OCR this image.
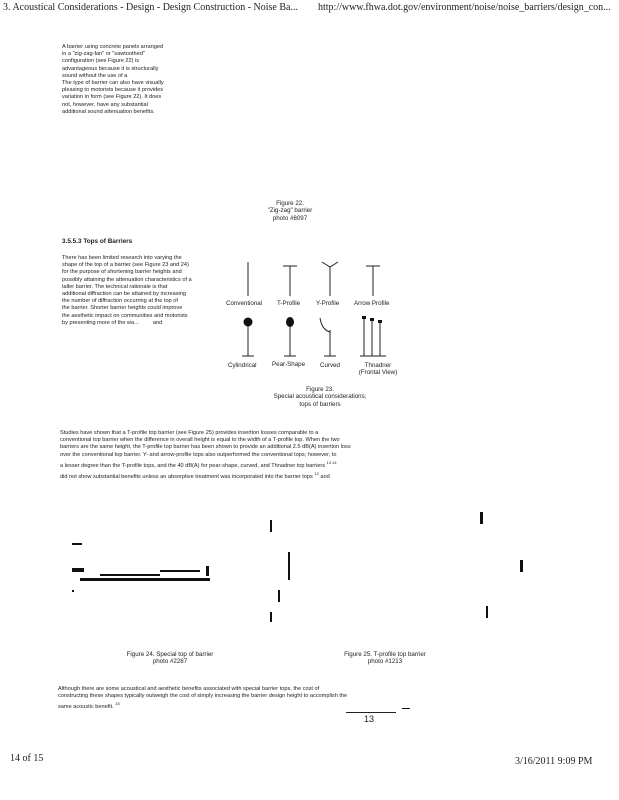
3. Acoustical Considerations - Design - Design Construction - Noise Ba... http://www.fhwa.dot.gov/environment/noise/noise_barriers/design_con...

A barrier using concrete panels arranged

in a "zig-zag-fan" or "sawtoothed"

configuration (see Figure 22) is

advantageous because it is structurally

sound without the use of a

The type of barrier can also have visually

pleasing to motorists because it provides

variation in form (see Figure 22). It does

not, however, have any substantial

additional sound attenuation benefits.

Figure 22.
"Zig-zag" barrier
photo #8097
3.5.5.3 Tops of Barriers

There has been limited research into varying the

shape of the top of a barrier (see Figure 23 and 24)

for the purpose of shortening barrier heights and

possibly attaining the attenuation characteristics of a

taller barrier. The technical rationale is that

additional diffraction can be attained by increasing

the number of diffraction occurring at the top of

the barrier. Shorter barrier heights could improve

the aesthetic impact on communities and motorists

by presenting more of the wa...	and

Conventional T-Profile	Y-Profile Arrow Profile
Cylindrical Pear-Shape Curved	Thnadner (Frontal View)
Figure 23.
Special acoustical considerations;
tops of barriers

Studies have shown that a T-profile top barrier (see Figure 25) provides insertion losses comparable to a

conventional top barrier when the difference in overall height is equal to the width of a T-profile top. When the two

barriers are the same height, the T-profile top barrier has been shown to provide an additional 2.5 dB(A) insertion loss

over the conventional top barrier. Y- and arrow-profile tops also outperformed the conventional tops; however, to

a lesser degree than the T-profile tops, and the 40 dB(A) for pear-shape, curved, and Thnadner top barriers $^{13 14}$

did not show substantial benefits unless an absorptive treatment was incorporated into the barrier tops $^{12}$ and

Figure 24. Special top of barrier
photo #2287
Figure 25. T-profile top barrier
photo #1213

Although there are some acoustical and aesthetic benefits associated with special barrier tops, the cost of

constructing these shapes typically outweigh the cost of simply increasing the barrier design height to accomplish the

same acoustic benefit. $^{15}$

13
14 of 15	3/16/2011 9:09 PM
